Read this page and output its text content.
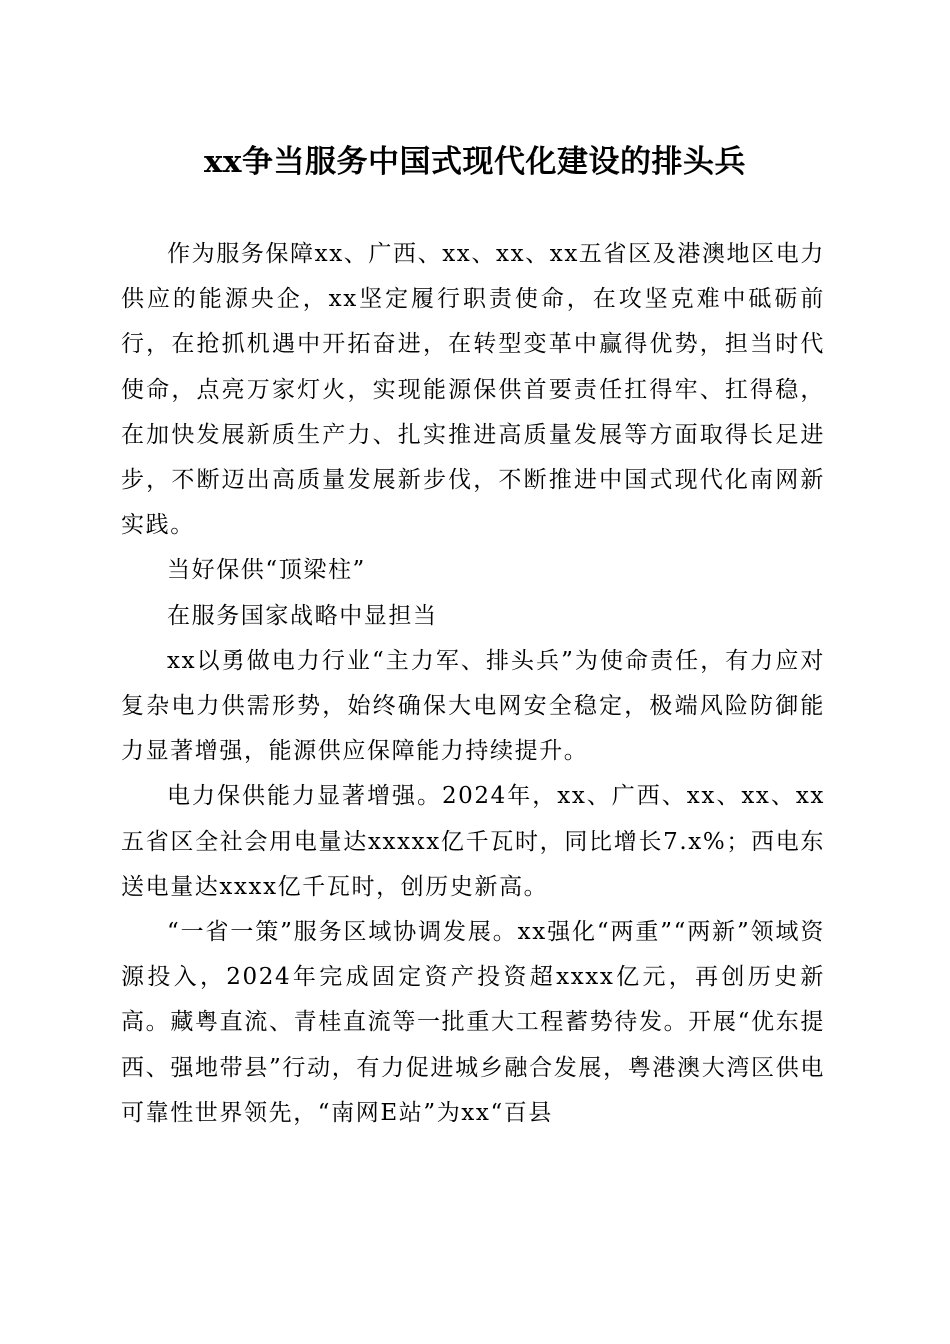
xx争当服务中国式现代化建设的排头兵

作为服务保障xx、广西、xx、xx、xx五省区及港澳地区电力供应的能源央企，xx坚定履行职责使命，在攻坚克难中砥砺前行，在抢抓机遇中开拓奋进，在转型变革中赢得优势，担当时代使命，点亮万家灯火，实现能源保供首要责任扛得牢、扛得稳，在加快发展新质生产力、扎实推进高质量发展等方面取得长足进步，不断迈出高质量发展新步伐，不断推进中国式现代化南网新实践。

当好保供“顶梁柱”

在服务国家战略中显担当

xx以勇做电力行业“主力军、排头兵”为使命责任，有力应对复杂电力供需形势，始终确保大电网安全稳定，极端风险防御能力显著增强，能源供应保障能力持续提升。

电力保供能力显著增强。2024年，xx、广西、xx、xx、xx五省区全社会用电量达xxxxx亿千瓦时，同比增长7.x%；西电东送电量达xxxx亿千瓦时，创历史新高。

“一省一策”服务区域协调发展。xx强化“两重”“两新”领域资源投入，2024年完成固定资产投资超xxxx亿元，再创历史新高。藏粤直流、青桂直流等一批重大工程蓄势待发。开展“优东提西、强地带县”行动，有力促进城乡融合发展，粤港澳大湾区供电可靠性世界领先，“南网E站”为xx“百县
